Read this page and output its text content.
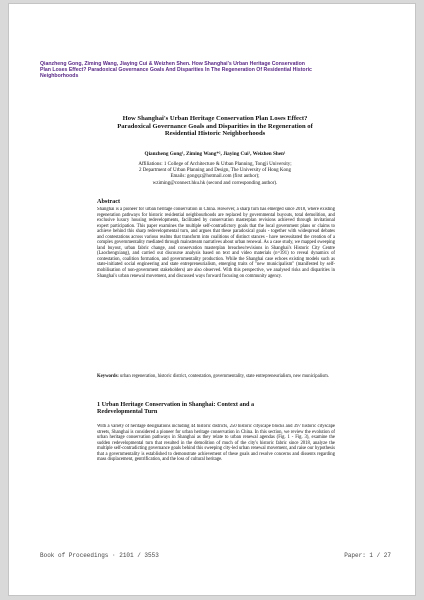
Qianzheng Gong, Ziming Wang, Jiaying Cui & Weizhen Shen. How Shanghai's Urban Heritage Conservation
Plan Loses Effect? Paradoxical Governance Goals And Disparities In The Regeneration Of Residential Historic
Neighborhoods
How Shanghai's Urban Heritage Conservation Plan Loses Effect?
Paradoxical Governance Goals and Disparities in the Regeneration of
Residential Historic Neighborhoods
Qianzheng Gong¹, Ziming Wang*², Jiaying Cui¹, Weizhen Shen¹
Affiliations: 1 College of Architecture & Urban Planning, Tongji University;
2 Department of Urban Planning and Design, The University of Hong Kong
Emails: gongqz@hotmail.com (first author);
wziming@connect.hku.hk (second and corresponding author).
Abstract
Shanghai is a pioneer for urban heritage conservation in China. However, a sharp turn has emerged since 2018, where existing regeneration pathways for historic residential neighbourhoods are replaced by governmental buyouts, total demolition, and exclusive luxury housing redevelopments, facilitated by conservation masterplan revisions achieved through invitational expert participation. This paper examines the multiple self-contradictory goals that the local government plans or claims to achieve behind this sharp redevelopmental turn, and argues that these paradoxical goals - together with widespread debates and contestations across various realms that transform into coalitions of distinct stances - have necessitated the creation of a complex governmentality mediated through mainstream narratives about urban renewal. As a case study, we mapped sweeping land buyout, urban fabric change, and conservation masterplan breaches/revisions in Shanghai's Historic City Centre (Laochengxiang), and carried out discourse analysis based on text and video materials (n=391) to reveal dynamics of contestation, coalition formation, and governmentality production. While the Shanghai case echoes existing models such as state-initiated social engineering and state entrepreneurialism, emerging traits of "new municipalism" (manifested by self-mobilisation of non-government stakeholders) are also observed. With this perspective, we analysed risks and disparities in Shanghai's urban renewal movement, and discussed ways forward focusing on community agency.
Keywords: urban regeneration, historic district, contestation, governmentality, state entrepreneurialism, new municipalism.
1 Urban Heritage Conservation in Shanghai: Context and a
Redevelopmental Turn
With a variety of heritage designations including 44 historic districts, 250 historic cityscape blocks and 397 historic cityscape streets, Shanghai is considered a pioneer for urban heritage conservation in China. In this section, we review the evolution of urban heritage conservation pathways in Shanghai as they relate to urban renewal agendas (Fig. 1 - Fig. 3), examine the sudden redevelopmental turn that resulted in the demolition of much of the city's historic fabric since 2018, analyze the multiple self-contradicting governance goals behind this sweeping city-led urban renewal movement, and raise our hypothesis that a governmentality is established to demonstrate achievement of these goals and resolve concerns and dissents regarding mass displacement, gentrification, and the loss of cultural heritage.
Book of Proceedings · 2101 / 3553	Paper: 1 / 27
